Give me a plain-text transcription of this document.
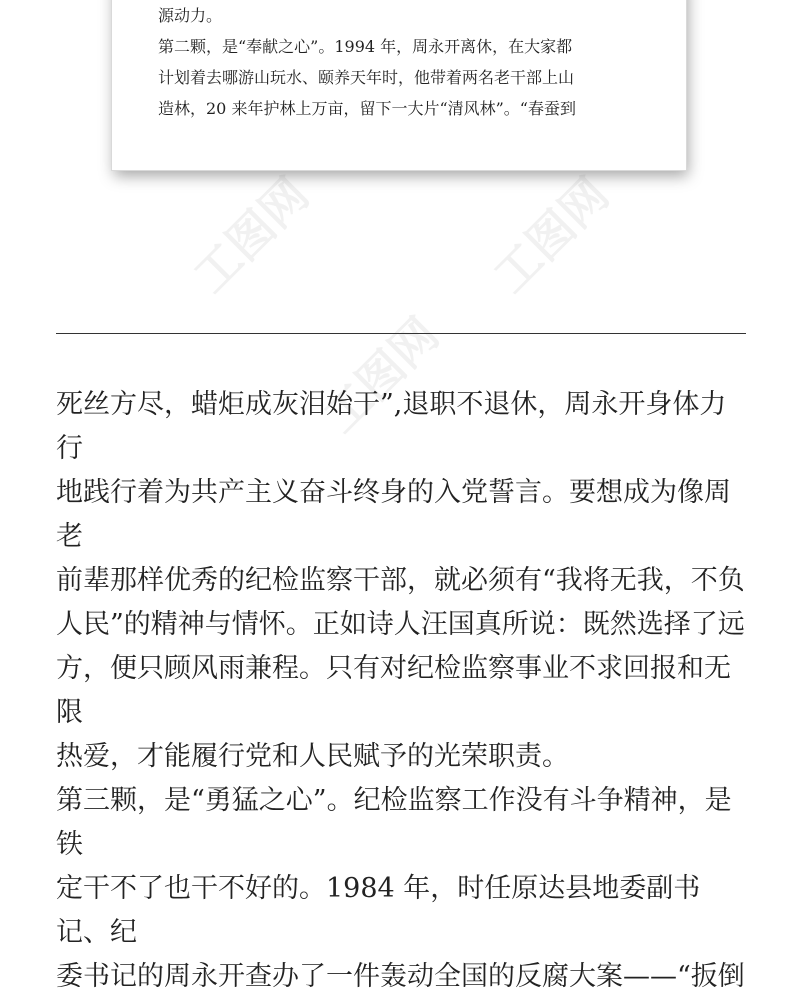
工图网	工图网
工图网

源动力。

第二颗，是“奉献之心”。1994 年，周永开离休，在大家都

计划着去哪游山玩水、颐养天年时，他带着两名老干部上山

造林，20 来年护林上万亩，留下一大片“清风林”。“春蚕到

死丝方尽，蜡炬成灰泪始干”,退职不退休，周永开身体力行

地践行着为共产主义奋斗终身的入党誓言。要想成为像周老

前辈那样优秀的纪检监察干部，就必须有“我将无我，不负

人民”的精神与情怀。正如诗人汪国真所说：既然选择了远

方，便只顾风雨兼程。只有对纪检监察事业不求回报和无限

热爱，才能履行党和人民赋予的光荣职责。

第三颗，是“勇猛之心”。纪检监察工作没有斗争精神，是铁

定干不了也干不好的。1984 年，时任原达县地委副书记、纪

委书记的周永开查办了一件轰动全国的反腐大案——“扳倒
